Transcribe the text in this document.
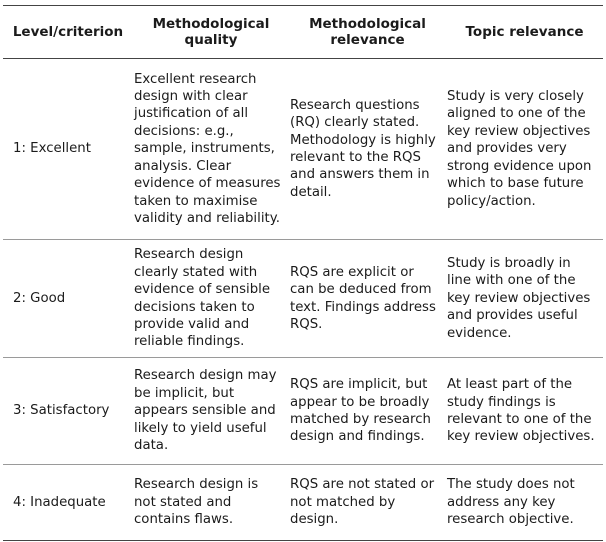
Level/criterion	Methodological quality	Methodological relevance	Topic relevance
1: Excellent	Excellent research design with clear justification of all decisions: e.g., sample, instruments, analysis. Clear evidence of measures taken to maximise validity and reliability.	Research questions (RQ) clearly stated. Methodology is highly relevant to the RQS and answers them in detail.	Study is very closely aligned to one of the key review objectives and provides very strong evidence upon which to base future policy/action.
2: Good	Research design clearly stated with evidence of sensible decisions taken to provide valid and reliable findings.	RQS are explicit or can be deduced from text. Findings address RQS.	Study is broadly in line with one of the key review objectives and provides useful evidence.
3: Satisfactory	Research design may be implicit, but appears sensible and likely to yield useful data.	RQS are implicit, but appear to be broadly matched by research design and findings.	At least part of the study findings is relevant to one of the key review objectives.
4: Inadequate	Research design is not stated and contains flaws.	RQS are not stated or not matched by design.	The study does not address any key research objective.
